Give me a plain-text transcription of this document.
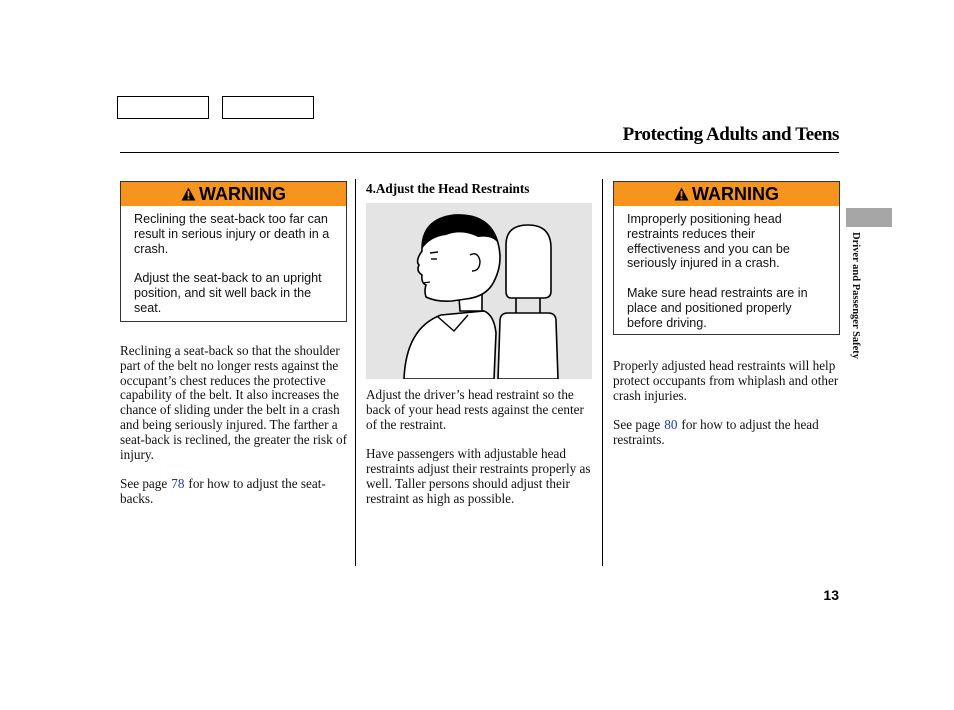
Protecting Adults and Teens
WARNING

Reclining the seat-back too far can result in serious injury or death in a crash.

Adjust the seat-back to an upright position, and sit well back in the seat.

Reclining a seat-back so that the shoulder part of the belt no longer rests against the occupant’s chest reduces the protective capability of the belt. It also increases the chance of sliding under the belt in a crash and being seriously injured. The farther a seat-back is reclined, the greater the risk of injury.

See page 78 for how to adjust the seat-backs.

4.Adjust the Head Restraints

Adjust the driver’s head restraint so the back of your head rests against the center of the restraint.

Have passengers with adjustable head restraints adjust their restraints properly as well. Taller persons should adjust their restraint as high as possible.

WARNING

Improperly positioning head restraints reduces their effectiveness and you can be seriously injured in a crash.

Make sure head restraints are in place and positioned properly before driving.

Properly adjusted head restraints will help protect occupants from whiplash and other crash injuries.

See page 80 for how to adjust the head restraints.

Driver and Passenger Safety
13
